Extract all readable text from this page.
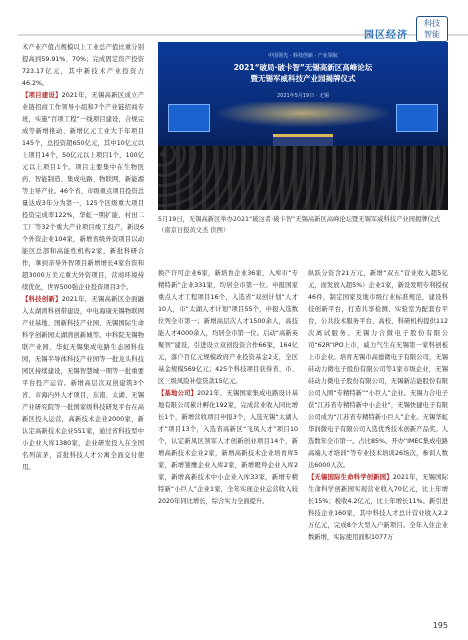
园区经济
科技
智能

术产业产值占规模以上工业总产值比重分别提高到59.91%、70%；完成固定资产投资723.17亿元，其中新技术产业投资占46.2%。

【项目建设】2021年，无锡高新区成立产业链招商工作领导小组和7个产业链招商专班，实施“百项工程”一线项目建设，合规完成等新增推动、新增亿元工业大于年项目145个，总投资超650亿元，其中10亿元以上项目14个，50亿元以上项目1个，100亿元以上项目1个。项目主要集中在生物医药、智能制造、集成电路、物联网、新能源等主导产业。46个省、市级重点项目投资总量达成3年分为第一，125个区级重大项目投资完成率122%，华虹一期扩能、村田二工厂等32个重大产业项目竣工投产，新设6个外资企业104家，新增省级外资项目以动能区总部和高能性机构2家，新批科研合作，拿到亲导外智项目新增增长4家台资和超3000万美元重大外资项目，营商环境持续优化，世界500强企业投资项目3个。

【科技创新】2021年，无锡高新区全面融入太湖湾科创带建设，中电海康无锡物联网产业基地、国新科技产业园、无锡国际生命科学创新园太湖湾创新城等。中科院无锡物联产业园、华虹无锡集成电路生态园科技园，无锡半导体科技产业园等一批龙头科技园区持续建设，无锡智慧城一期等一批重要平台投产运营。新增高层次双创建筑3个省、市海内外人才项目，东南、太湖、无锡产业研究院等一批国家级科技研发平台在高新区投入运营，高新技术企业2000家，新认定高新技术企业551家，通过省科技型中小企业入库1380家，企业研发投入在全国名列前茅，首批科技人才公寓全面交付使用。

中国领先 · 科技创新 · 产业领航
2021“破局·破卡智”无锡高新区高峰论坛
暨无锡军威科技产业园揭牌仪式
2021年5月19日 · 无锡
5月19日，无锡高新区举办2021“破这者·破卡智”无锡高新区高峰论坛暨无锡军威科技产业园揭牌仪式 （南京日报黄文杰 供图）

换产许可企业6家，新培育企业36家，入库市“专精特新”企业331家，均居全市第一位。申报国家重点人才工程项目16个，入选省“双创计划”人才10人，市“太湖人才计划”项目55个，申报入选数位列全市第一；新增高层次人才1500余人，高技能人才4000余人，均居全市第一位。启动“高新英聚智”建设，引进设立双创投资合作66家，164亿元，落户百亿元规模政府产业投资基金2支，全区基金规模569亿元；425个科技项目获得省、市、区三级风险补偿贷款15亿元。

【基地公司】2021年，无锡国家集成电路设计基地有限公司累计孵化192家，完成营业收入同比增长1个，新增营收项目申报3个，入选无锡“太湖人才”项目13个，入选省高新区“飞凤人才”项目10个，认定新凤区领军人才创新创业项目14个，新增高新技术企业2家，新增高新技术企业培育库5家，新增雏鹰企业入库2家，新增瞪羚企业入库2家，新增高新技术中小企业入库33家，新增专精特新“小巨人”企业1家，全年实现企业运营收入较2020年同比增长，综合实力全面提升。

纵跃分资含21万元，新增“双五”营业收入超5亿元，而发放入超5%）企业1家，新设发明专利授权46件，制定国家及地市级行业标准规范，建设科技创新平台，打造共享检测、实验室为配套台平台，公共技术服务平台、高校、科研机构提供112次离试服务。无锡力合微电子股份有限公司“62R”IPO上市，威力气生在无锡第一家科创板上市企业。培育无锡市高德微电子有限公司，无锡硅动力微电子股份有限公司等1家市级企业，无锡硅动力微电子股份有限公司，无锡新洁能股份有限公司入围“专精特新”“小巨人”企业。无锡力合电子获“江苏省专精特新中小企业”，无锡快捷电子有限公司成为“江苏省专精特新小巨人”企业。无锡华虹华润微电子有限公司入选优秀技术创新产品奖。人选数年全市第一。占比85%。开办“IMEC集成电路高端人才培训”等专业技术培训26场次，参训人数达6000人次。

【无锡国际生命科学创新园】2021年，无锡国际生命科学创新园实现营业收入70亿元，比上年增长15%；税收4.2亿元，比上年增长11%。新引进科技企业160家，其中科技人才总计营业收入2.2万亿元，完成8个大型入户新项目。全年入住企业数新增，实际使用面积1077万

195
